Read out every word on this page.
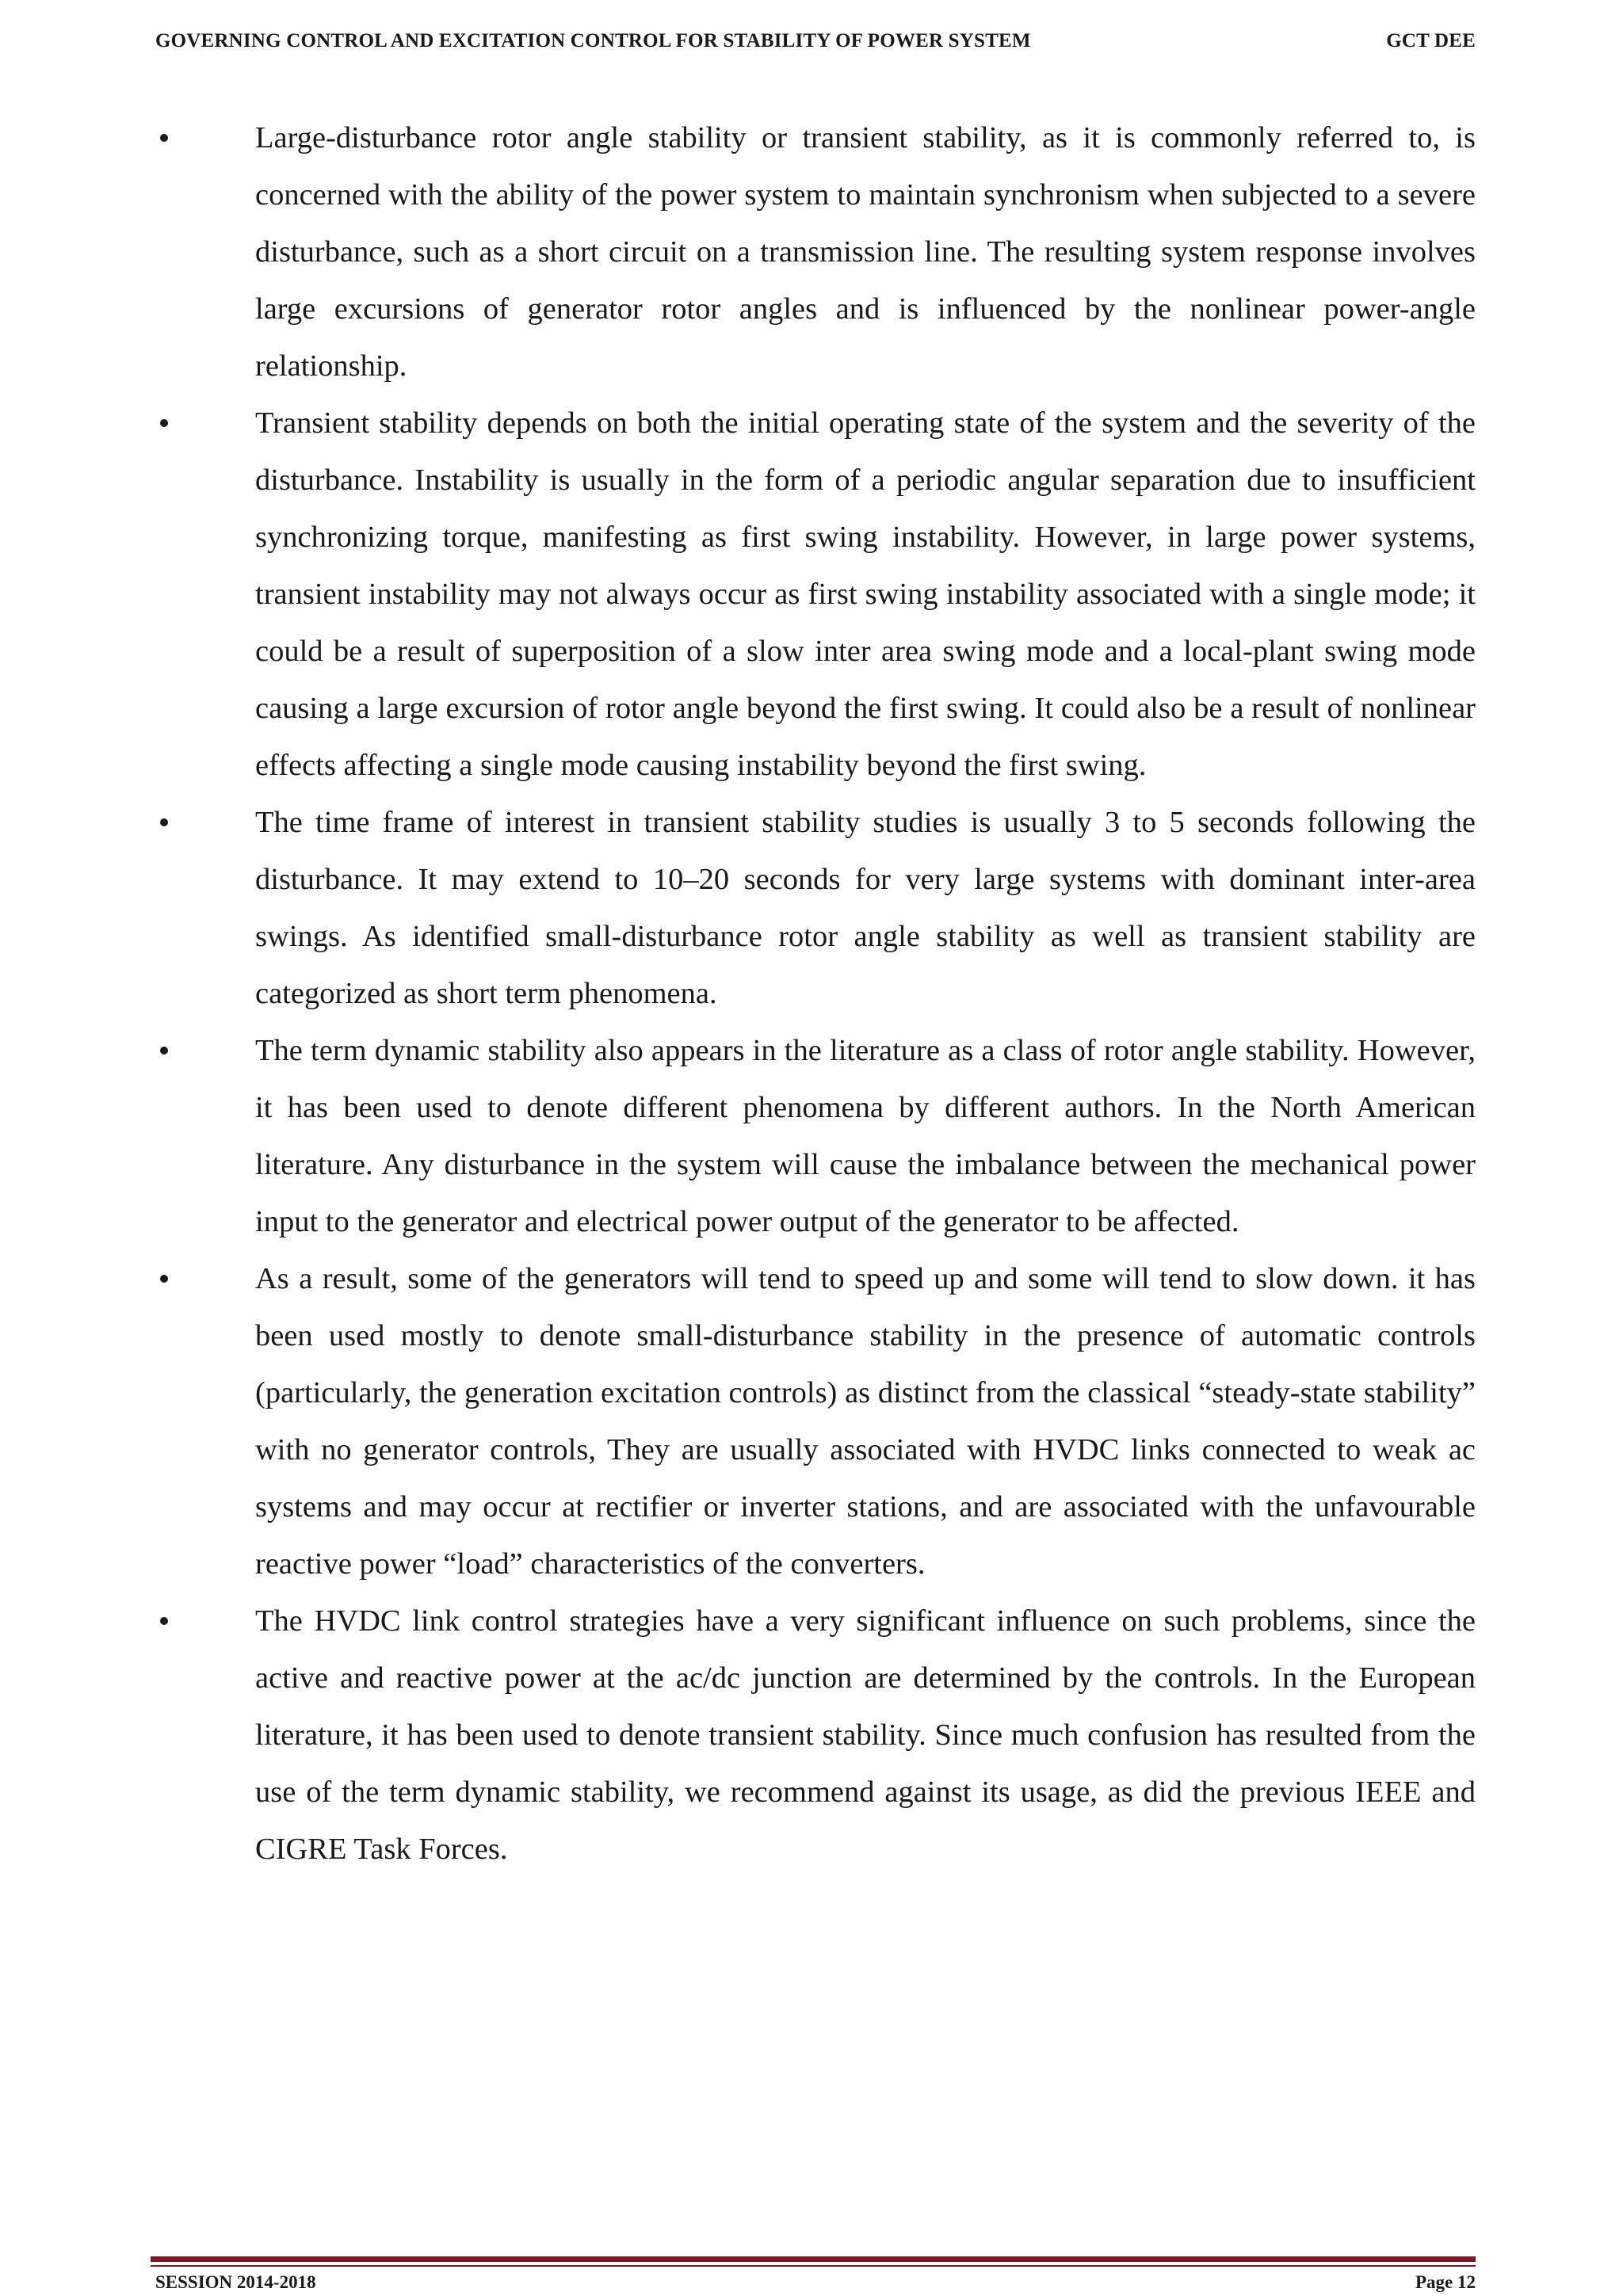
GOVERNING CONTROL AND EXCITATION CONTROL FOR STABILITY OF POWER SYSTEM	GCT DEE
Large-disturbance rotor angle stability or transient stability, as it is commonly referred to, is concerned with the ability of the power system to maintain synchronism when subjected to a severe disturbance, such as a short circuit on a transmission line. The resulting system response involves large excursions of generator rotor angles and is influenced by the nonlinear power-angle relationship.
Transient stability depends on both the initial operating state of the system and the severity of the disturbance. Instability is usually in the form of a periodic angular separation due to insufficient synchronizing torque, manifesting as first swing instability. However, in large power systems, transient instability may not always occur as first swing instability associated with a single mode; it could be a result of superposition of a slow inter area swing mode and a local-plant swing mode causing a large excursion of rotor angle beyond the first swing. It could also be a result of nonlinear effects affecting a single mode causing instability beyond the first swing.
The time frame of interest in transient stability studies is usually 3 to 5 seconds following the disturbance. It may extend to 10–20 seconds for very large systems with dominant inter-area swings. As identified small-disturbance rotor angle stability as well as transient stability are categorized as short term phenomena.
The term dynamic stability also appears in the literature as a class of rotor angle stability. However, it has been used to denote different phenomena by different authors. In the North American literature. Any disturbance in the system will cause the imbalance between the mechanical power input to the generator and electrical power output of the generator to be affected.
As a result, some of the generators will tend to speed up and some will tend to slow down. it has been used mostly to denote small-disturbance stability in the presence of automatic controls (particularly, the generation excitation controls) as distinct from the classical “steady-state stability” with no generator controls, They are usually associated with HVDC links connected to weak ac systems and may occur at rectifier or inverter stations, and are associated with the unfavourable reactive power “load” characteristics of the converters.
The HVDC link control strategies have a very significant influence on such problems, since the active and reactive power at the ac/dc junction are determined by the controls. In the European literature, it has been used to denote transient stability. Since much confusion has resulted from the use of the term dynamic stability, we recommend against its usage, as did the previous IEEE and CIGRE Task Forces.
SESSION 2014-2018	Page 12
